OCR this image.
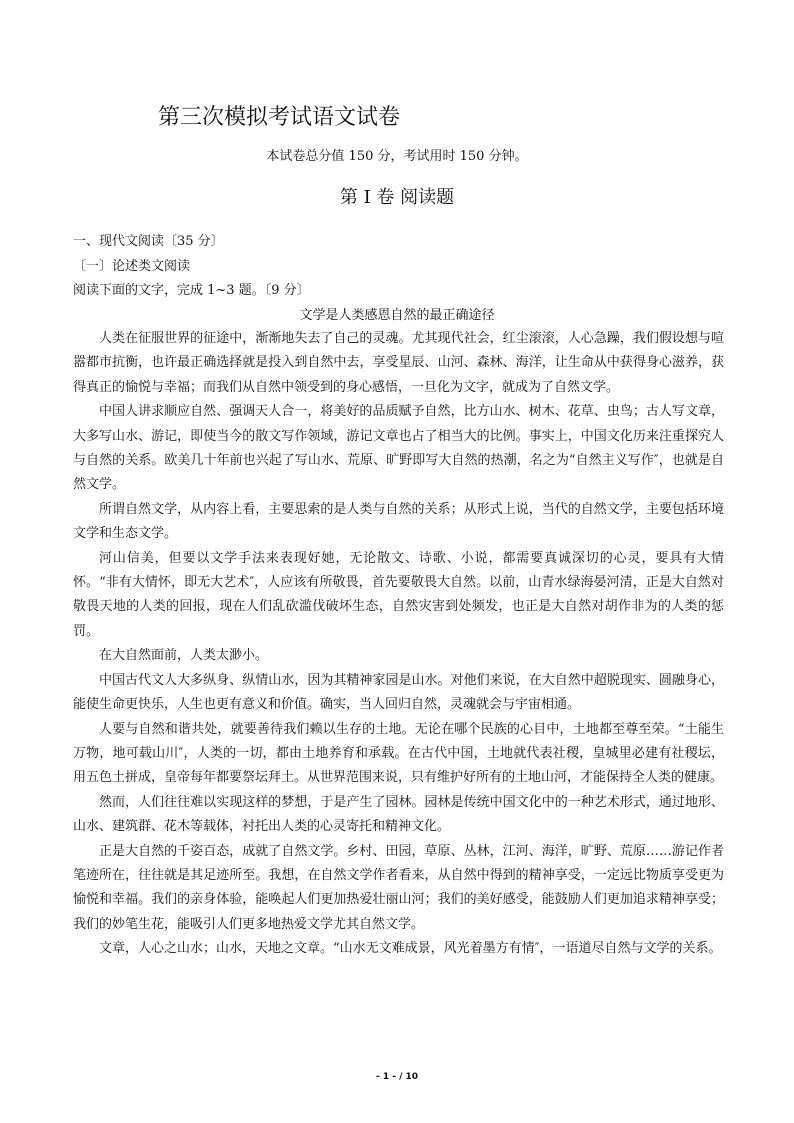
第三次模拟考试语文试卷
本试卷总分值 150 分，考试用时 150 分钟。
第 I 卷 阅读题
一、现代文阅读〔35 分〕
〔一〕论述类文阅读
阅读下面的文字，完成 1~3 题。〔9 分〕
文学是人类感恩自然的最正确途径

人类在征服世界的征途中，渐渐地失去了自己的灵魂。尤其现代社会，红尘滚滚，人心急躁，我们假设想与喧嚣都市抗衡，也许最正确选择就是投入到自然中去，享受星辰、山河、森林、海洋，让生命从中获得身心滋养，获得真正的愉悦与幸福；而我们从自然中领受到的身心感悟，一旦化为文字，就成为了自然文学。

中国人讲求顺应自然、强调天人合一，将美好的品质赋予自然，比方山水、树木、花草、虫鸟；古人写文章，大多写山水、游记，即使当今的散文写作领域，游记文章也占了相当大的比例。事实上，中国文化历来注重探究人与自然的关系。欧美几十年前也兴起了写山水、荒原、旷野即写大自然的热潮，名之为“自然主义写作″，也就是自然文学。

所谓自然文学，从内容上看，主要思索的是人类与自然的关系；从形式上说，当代的自然文学，主要包括环境文学和生态文学。

河山信美，但要以文学手法来表现好她，无论散文、诗歌、小说，都需要真诚深切的心灵，要具有大情怀。“非有大情怀，即无大艺术″，人应该有所敬畏，首先要敬畏大自然。以前，山青水绿海晏河清，正是大自然对敬畏天地的人类的回报，现在人们乱砍滥伐破坏生态，自然灾害到处频发，也正是大自然对胡作非为的人类的惩罚。

在大自然面前，人类太渺小。

中国古代文人大多纵身、纵情山水，因为其精神家园是山水。对他们来说，在大自然中超脱现实、圆融身心，能使生命更快乐，人生也更有意义和价值。确实，当人回归自然，灵魂就会与宇宙相通。

人要与自然和谐共处，就要善待我们赖以生存的土地。无论在哪个民族的心目中，土地都至尊至荣。“土能生万物，地可载山川″，人类的一切，都由土地养育和承载。在古代中国，土地就代表社稷，皇城里必建有社稷坛，用五色土拼成，皇帝每年都要祭坛拜土。从世界范围来说，只有维护好所有的土地山河，才能保持全人类的健康。

然而，人们往往难以实现这样的梦想，于是产生了园林。园林是传统中国文化中的一种艺术形式，通过地形、山水、建筑群、花木等载体，衬托出人类的心灵寄托和精神文化。

正是大自然的千姿百态，成就了自然文学。乡村、田园，草原、丛林，江河、海洋，旷野、荒原……游记作者笔迹所在，往往就是其足迹所至。我想，在自然文学作者看来，从自然中得到的精神享受，一定远比物质享受更为愉悦和幸福。我们的亲身体验，能唤起人们更加热爱壮丽山河；我们的美好感受，能鼓励人们更加追求精神享受；我们的妙笔生花，能吸引人们更多地热爱文学尤其自然文学。

文章，人心之山水；山水，天地之文章。“山水无文难成景，风光着墨方有情″，一语道尽自然与文学的关系。

- 1 - / 10
